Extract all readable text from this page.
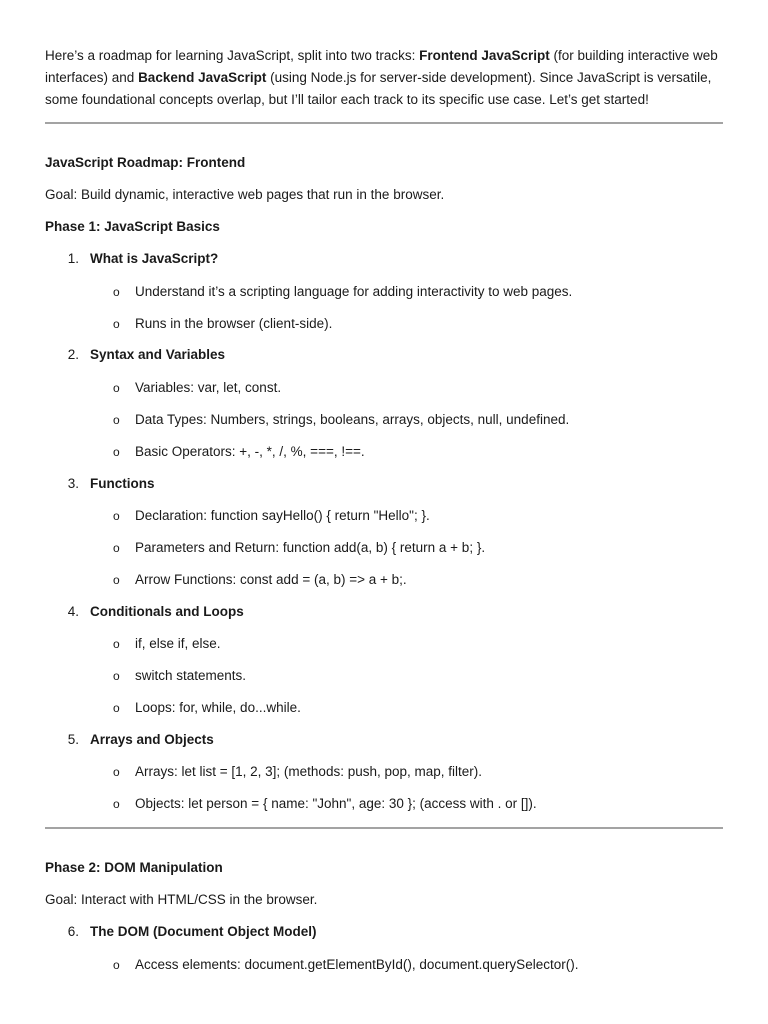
Here’s a roadmap for learning JavaScript, split into two tracks: Frontend JavaScript (for building interactive web interfaces) and Backend JavaScript (using Node.js for server-side development). Since JavaScript is versatile, some foundational concepts overlap, but I’ll tailor each track to its specific use case. Let’s get started!

JavaScript Roadmap: Frontend
Goal: Build dynamic, interactive web pages that run in the browser.
Phase 1: JavaScript Basics
1. What is JavaScript?
o Understand it’s a scripting language for adding interactivity to web pages.
o Runs in the browser (client-side).
2. Syntax and Variables
o Variables: var, let, const.
o Data Types: Numbers, strings, booleans, arrays, objects, null, undefined.
o Basic Operators: +, -, *, /, %, ===, !==.
3. Functions
o Declaration: function sayHello() { return "Hello"; }.
o Parameters and Return: function add(a, b) { return a + b; }.
o Arrow Functions: const add = (a, b) => a + b;.
4. Conditionals and Loops
o if, else if, else.
o switch statements.
o Loops: for, while, do...while.
5. Arrays and Objects
o Arrays: let list = [1, 2, 3]; (methods: push, pop, map, filter).
o Objects: let person = { name: "John", age: 30 }; (access with . or []).
Phase 2: DOM Manipulation
Goal: Interact with HTML/CSS in the browser.
6. The DOM (Document Object Model)
o Access elements: document.getElementById(), document.querySelector().
